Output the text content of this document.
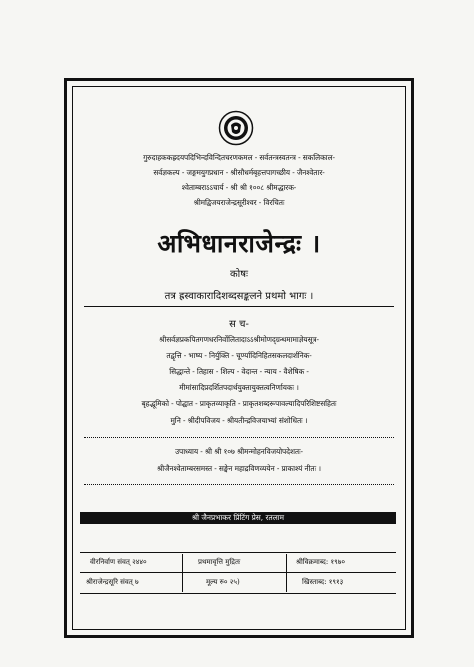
गुरुदाहककह्रदयपदिभिन्दविन्दितचरणकमल - सर्वतन्त्रस्वतन्त्र - सकलिकाल-
सर्वज्ञकल्प - जङ्गमयुगप्रधान - श्रीसौधर्मबृहत्तपागच्छीय - जैनश्वेतार-
श्वेताम्बराऽऽचार्य - श्री श्री १००८ श्रीमद्धारक-
श्रीमद्विजयराजेन्द्रसूरीश्वर - विरचितः
अभिधानराजेन्द्रः ।
कोषः
तत्र ह्रस्वाकारादिशब्दसङ्कलने प्रथमो भागः ।
स च-
श्रीसर्वज्ञप्रकपितगणधरनिर्वोलितादाऽऽश्रीमोणद्ग्रन्थमामाज्ञेयसूत्र-
तद्वृत्ति - भाष्य - निर्युक्ति - चूर्ण्यादिनिहितसकलदार्शनिक-
सिद्धान्ते - तिहास - शिल्प - वेदान्त - न्याय - वैशेषिक -
मीमांसादिप्रदर्शितपदार्थयुक्तायुक्तत्वनिर्णायकः ।
बृहद्भूमिको - पोद्घात - प्राकृतव्याकृति - प्राकृतशब्दरूपावल्यादिपरिशिष्टसहितः
मुनि - श्रीदीपविजय - श्रीयतीन्द्रविजयाभ्यां संशोधितः ।
उपाध्याय - श्री श्री १०७ श्रीमन्मोहनविजयोपदेशतः-
श्रीजैनश्वेताम्बरसमस्त - सङ्घेन महाद्रविणव्ययेन - प्राकाश्यं नीतः ।
श्री जैनप्रभाकर प्रिंटिंग प्रेस, रतलाम
वीरनिर्वाण संवत् २४४०	प्रथमावृत्ति मुद्रितः	श्रीविक्रमाब्द: १९७०
श्रीराजेन्द्रसूरि संवत् ७	मूल्य रु० २५)	खिस्ताब्द: १९१३
